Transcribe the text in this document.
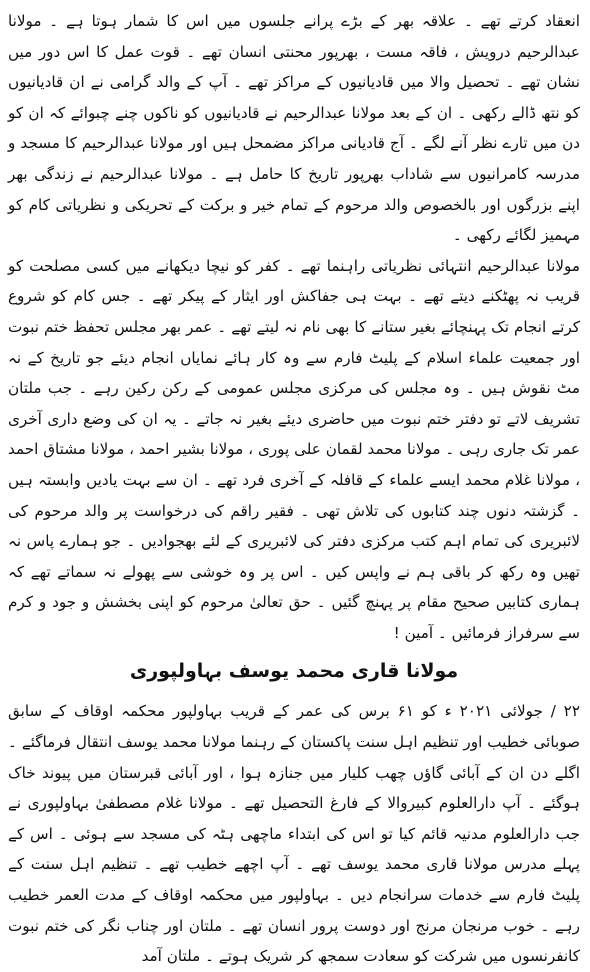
انعقاد کرتے تھے ۔ علاقہ بھر کے بڑے پرانے جلسوں میں اس کا شمار ہوتا ہے ۔ مولانا عبدالرحیم درویش ، فاقہ مست ، بھرپور محنتی انسان تھے ۔ قوت عمل کا اس دور میں نشان تھے ۔ تحصیل والا میں قادیانیوں کے مراکز تھے ۔ آپ کے والد گرامی نے ان قادیانیوں کو نتھ ڈالے رکھی ۔ ان کے بعد مولانا عبدالرحیم نے قادیانیوں کو ناکوں چنے چبوائے کہ ان کو دن میں تارے نظر آنے لگے ۔ آج قادیانی مراکز مضمحل ہیں اور مولانا عبدالرحیم کا مسجد و مدرسہ کامرانیوں سے شاداب بھرپور تاریخ کا حامل ہے ۔ مولانا عبدالرحیم نے زندگی بھر اپنے بزرگوں اور بالخصوص والد مرحوم کے تمام خیر و برکت کے تحریکی و نظریاتی کام کو مہمیز لگائے رکھی ۔

مولانا عبدالرحیم انتہائی نظریاتی راہنما تھے ۔ کفر کو نیچا دیکھانے میں کسی مصلحت کو قریب نہ پھٹکنے دیتے تھے ۔ بہت ہی جفاکش اور ایثار کے پیکر تھے ۔ جس کام کو شروع کرتے انجام تک پہنچائے بغیر ستانے کا بھی نام نہ لیتے تھے ۔ عمر بھر مجلس تحفظ ختم نبوت اور جمعیت علماء اسلام کے پلیٹ فارم سے وہ کار ہائے نمایاں انجام دیئے جو تاریخ کے نہ مٹ نقوش ہیں ۔ وہ مجلس کی مرکزی مجلس عمومی کے رکن رکین رہے ۔ جب ملتان تشریف لاتے تو دفتر ختم نبوت میں حاضری دیئے بغیر نہ جاتے ۔ یہ ان کی وضع داری آخری عمر تک جاری رہی ۔ مولانا محمد لقمان علی پوری ، مولانا بشیر احمد ، مولانا مشتاق احمد ، مولانا غلام محمد ایسے علماء کے قافلہ کے آخری فرد تھے ۔ ان سے بہت یادیں وابستہ ہیں ۔ گزشتہ دنوں چند کتابوں کی تلاش تھی ۔ فقیر راقم کی درخواست پر والد مرحوم کی لائبریری کی تمام اہم کتب مرکزی دفتر کی لائبریری کے لئے بھجوادیں ۔ جو ہمارے پاس نہ تھیں وہ رکھ کر باقی ہم نے واپس کیں ۔ اس پر وہ خوشی سے پھولے نہ سماتے تھے کہ ہماری کتابیں صحیح مقام پر پہنچ گئیں ۔ حق تعالیٰ مرحوم کو اپنی بخشش و جود و کرم سے سرفراز فرمائیں ۔ آمین !

مولانا قاری محمد یوسف بہاولپوری

۲۲ / جولائی ۲۰۲۱ ء کو ۶۱ برس کی عمر کے قریب بہاولپور محکمہ اوقاف کے سابق صوبائی خطیب اور تنظیم اہل سنت پاکستان کے رہنما مولانا محمد یوسف انتقال فرماگئے ۔ اگلے دن ان کے آبائی گاؤں چھب کلیار میں جنازہ ہوا ، اور آبائی قبرستان میں پیوند خاک ہوگئے ۔ آپ دارالعلوم کبیروالا کے فارغ التحصیل تھے ۔ مولانا غلام مصطفیٰ بہاولپوری نے جب دارالعلوم مدنیہ قائم کیا تو اس کی ابتداء ماچھی ہٹہ کی مسجد سے ہوئی ۔ اس کے پہلے مدرس مولانا قاری محمد یوسف تھے ۔ آپ اچھے خطیب تھے ۔ تنظیم اہل سنت کے پلیٹ فارم سے خدمات سرانجام دیں ۔ بہاولپور میں محکمہ اوقاف کے مدت العمر خطیب رہے ۔ خوب مرنجان مرنج اور دوست پرور انسان تھے ۔ ملتان اور چناب نگر کی ختم نبوت کانفرنسوں میں شرکت کو سعادت سمجھ کر شریک ہوتے ۔ ملتان آمد
